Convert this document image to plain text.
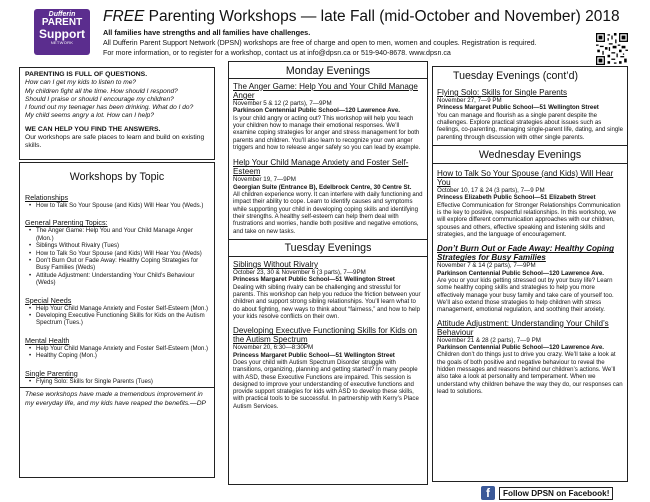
Dufferin
PARENT
Support
NETWORK
FREE Parenting Workshops — late Fall (mid-October and November) 2018
All families have strengths and all families have challenges.
All Dufferin Parent Support Network (DPSN) workshops are free of charge and open to men, women and couples. Registration is required.
For more information, or to register for a workshop, contact us at info@dpsn.ca or 519-940-8678. www.dpsn.ca
PARENTING IS FULL OF QUESTIONS.
How can I get my kids to listen to me?
My children fight all the time. How should I respond?
Should I praise or should I encourage my children?
I found out my teenager has been drinking. What do I do?
My child seems angry a lot. How can I help?
WE CAN HELP YOU FIND THE ANSWERS.
Our workshops are safe places to learn and build on existing skills.
Workshops by Topic
Relationships
• How to Talk So Your Spouse (and Kids) Will Hear You (Weds.)
General Parenting Topics:
• The Anger Game: Help You and Your Child Manage Anger (Mon.)
• Siblings Without Rivalry (Tues)
• How to Talk So Your Spouse (and Kids) Will Hear You (Weds)
• Don’t Burn Out or Fade Away: Healthy Coping Strategies for Busy Families (Weds)
• Attitude Adjustment: Understanding Your Child’s Behaviour (Weds)
Special Needs
• Help Your Child Manage Anxiety and Foster Self-Esteem (Mon.)
• Developing Executive Functioning Skills for Kids on the Autism Spectrum (Tues.)
Mental Health
• Help Your Child Manage Anxiety and Foster Self-Esteem (Mon.)
• Healthy Coping (Mon.)
Single Parenting
• Flying Solo: Skills for Single Parents (Tues)
These workshops have made a tremendous improvement in my everyday life, and my kids have reaped the benefits.—DP
Monday Evenings
The Anger Game: Help You and Your Child Manage Anger
November 5 & 12 (2 parts), 7—9PM
Parkinson Centennial Public School—120 Lawrence Ave.
Is your child angry or acting out? This workshop will help you teach your children how to manage their emotional responses. We’ll examine coping strategies for anger and stress management for both parents and children. You’ll also learn to recognize your own anger triggers and how to release anger safely so you can lead by example.
Help Your Child Manage Anxiety and Foster Self-Esteem
November 19, 7—9PM
Georgian Suite (Entrance B), Edelbrock Centre, 30 Centre St.
All children experience worry. It can interfere with daily functioning and impact their ability to cope. Learn to identify causes and symptoms while supporting your child in developing coping skills and identifying their strengths. A healthy self-esteem can help them deal with frustrations and worries, handle both positive and negative emotions, and take on new tasks.
Tuesday Evenings
Siblings Without Rivalry
October 23, 30 & November 6 (3 parts), 7—9PM
Princess Margaret Public School—51 Wellington Street
Dealing with sibling rivalry can be challenging and stressful for parents. This workshop can help you reduce the friction between your children and support strong sibling relationships. You’ll learn what to do about fighting, new ways to think about “fairness,” and how to help your kids resolve conflicts on their own.
Developing Executive Functioning Skills for Kids on the Autism Spectrum
November 20, 6:30—8:30PM
Princess Margaret Public School—51 Wellington Street
Does your child with Autism Spectrum Disorder struggle with transitions, organizing, planning and getting started? In many people with ASD, these Executive Functions are impaired. This session is designed to improve your understanding of executive functions and provide support strategies for kids with ASD to develop these skills, with practical tools to be successful. In partnership with Kerry’s Place Autism Services.
Tuesday Evenings (cont’d)
Flying Solo: Skills for Single Parents
November 27, 7—9 PM
Princess Margaret Public School—51 Wellington Street
You can manage and flourish as a single parent despite the challenges. Explore practical strategies about issues such as feelings, co-parenting, managing single-parent life, dating, and single parenting through discussion with other single parents.
Wednesday Evenings
How to Talk So Your Spouse (and Kids) Will Hear You
October 10, 17 & 24 (3 parts), 7—9 PM
Princess Elizabeth Public School—51 Elizabeth Street
Effective Communication for Stronger Relationships Communication is the key to positive, respectful relationships. In this workshop, we will explore different communication approaches with our children, spouses and others, effective speaking and listening skills and strategies, and the language of encouragement.
Don’t Burn Out or Fade Away: Healthy Coping Strategies for Busy Families
November 7 & 14 (2 parts), 7—9PM
Parkinson Centennial Public School—120 Lawrence Ave.
Are you or your kids getting stressed out by your busy life? Learn some healthy coping skills and strategies to help you more effectively manage your busy family and take care of yourself too. We’ll also extend those strategies to help children with stress management, emotional regulation, and soothing their anxiety.
Attitude Adjustment: Understanding Your Child’s Behaviour
November 21 & 28 (2 parts), 7—9 PM
Parkinson Centennial Public School—120 Lawrence Ave.
Children don’t do things just to drive you crazy. We’ll take a look at the goals of both positive and negative behaviour to reveal the hidden messages and reasons behind our children’s actions. We’ll also take a look at personality and temperament. When we understand why children behave the way they do, our responses can lead to solutions.
f	Follow DPSN on Facebook!
